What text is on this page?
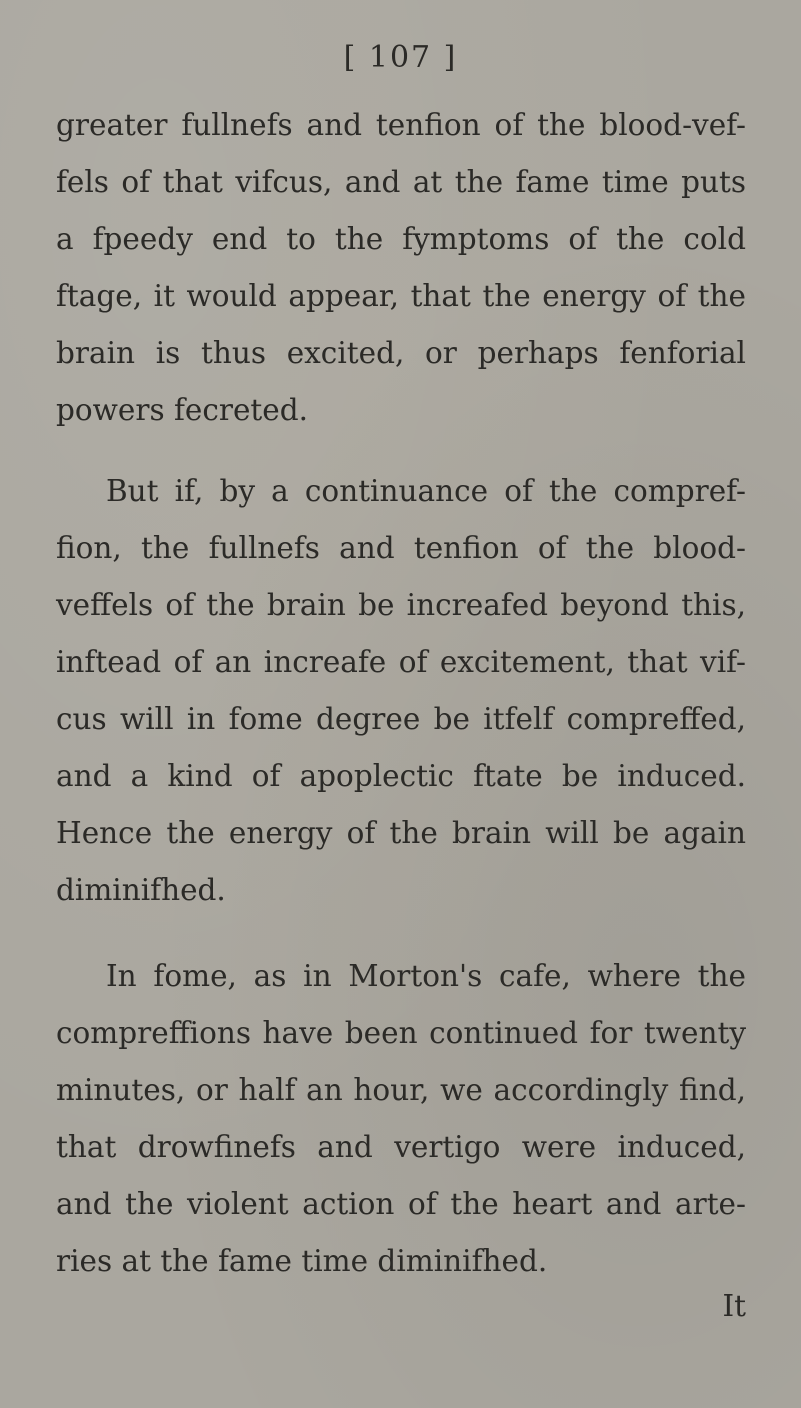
[ 107 ]
greater fullnefs and tenfion of the blood-vef-
fels of that vifcus, and at the fame time puts
a fpeedy end to the fymptoms of the cold
ftage, it would appear, that the energy of the
brain is thus excited, or perhaps fenforial
powers fecreted.
But if, by a continuance of the compref-
fion, the fullnefs and tenfion of the blood-
veffels of the brain be increafed beyond this,
inftead of an increafe of excitement, that vif-
cus will in fome degree be itfelf compreffed,
and a kind of apoplectic ftate be induced.
Hence the energy of the brain will be again
diminifhed.
In fome, as in Morton's cafe, where the
compreffions have been continued for twenty
minutes, or half an hour, we accordingly find,
that drowfinefs and vertigo were induced,
and the violent action of the heart and arte-
ries at the fame time diminifhed.
It
